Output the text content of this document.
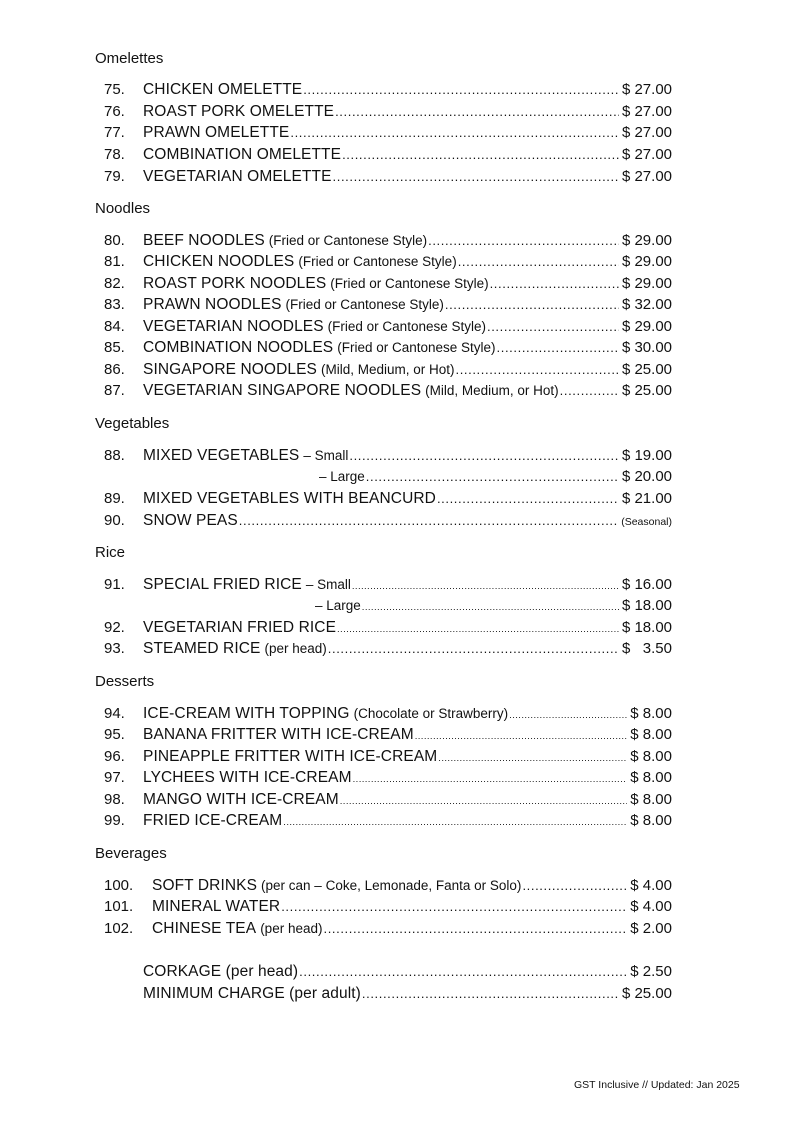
Omelettes
75. CHICKEN OMELETTE .....	$ 27.00
76. ROAST PORK OMELETTE .....	$ 27.00
77. PRAWN OMELETTE .....	$ 27.00
78. COMBINATION OMELETTE .....	$ 27.00
79. VEGETARIAN OMELETTE .....	$ 27.00
Noodles
80. BEEF NOODLES (Fried or Cantonese Style) .....	$ 29.00
81. CHICKEN NOODLES (Fried or Cantonese Style) .....	$ 29.00
82. ROAST PORK NOODLES (Fried or Cantonese Style) .....	$ 29.00
83. PRAWN NOODLES (Fried or Cantonese Style) .....	$ 32.00
84. VEGETARIAN NOODLES (Fried or Cantonese Style) .....	$ 29.00
85. COMBINATION NOODLES (Fried or Cantonese Style) .....	$ 30.00
86. SINGAPORE NOODLES (Mild, Medium, or Hot) .....	$ 25.00
87. VEGETARIAN SINGAPORE NOODLES (Mild, Medium, or Hot) .....	$ 25.00
Vegetables
88. MIXED VEGETABLES – Small .....	$ 19.00
– Large .....	$ 20.00
89. MIXED VEGETABLES WITH BEANCURD .....	$ 21.00
90. SNOW PEAS .....	(Seasonal)
Rice
91. SPECIAL FRIED RICE – Small .....	$ 16.00
– Large .....	$ 18.00
92. VEGETARIAN FRIED RICE .....	$ 18.00
93. STEAMED RICE (per head) .....	$   3.50
Desserts
94. ICE-CREAM WITH TOPPING (Chocolate or Strawberry) .....	$ 8.00
95. BANANA FRITTER WITH ICE-CREAM .....	$ 8.00
96. PINEAPPLE FRITTER WITH ICE-CREAM .....	$ 8.00
97. LYCHEES WITH ICE-CREAM .....	$ 8.00
98. MANGO WITH ICE-CREAM .....	$ 8.00
99. FRIED ICE-CREAM .....	$ 8.00
Beverages
100. SOFT DRINKS (per can – Coke, Lemonade, Fanta or Solo) .....	$ 4.00
101. MINERAL WATER .....	$ 4.00
102. CHINESE TEA (per head) .....	$ 2.00
CORKAGE (per head) .....	$ 2.50
MINIMUM CHARGE (per adult) .....	$ 25.00
GST Inclusive // Updated: Jan 2025
